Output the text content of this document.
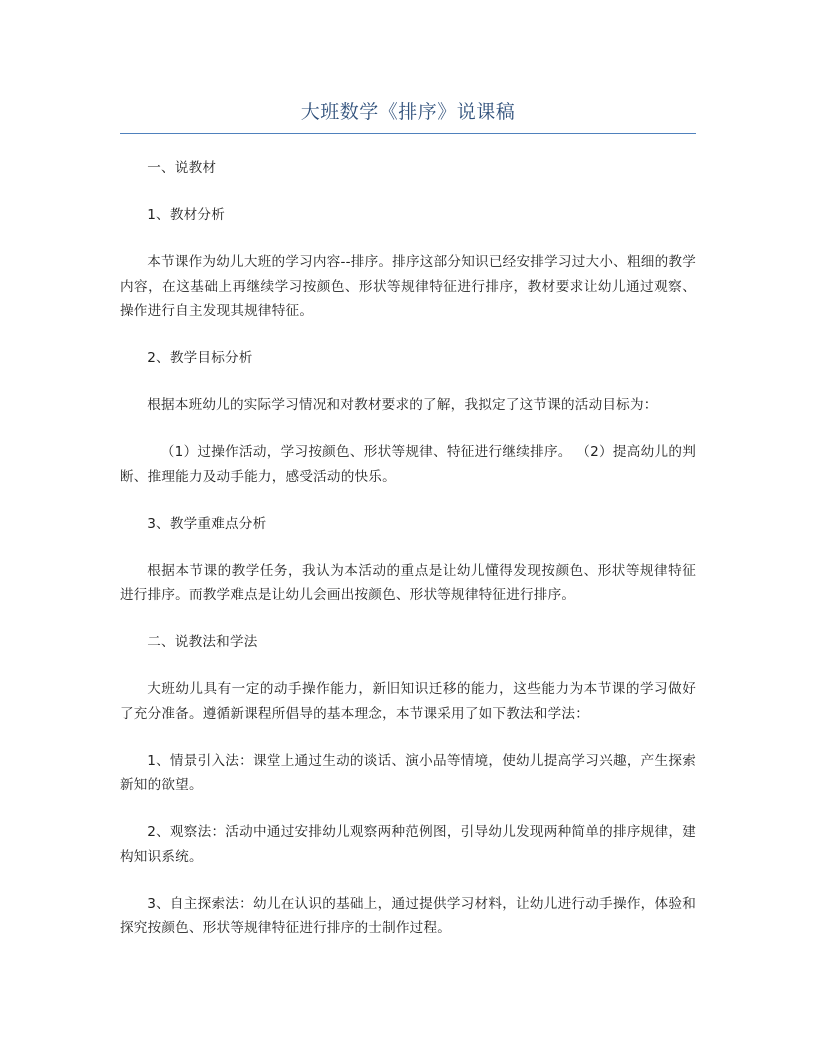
大班数学《排序》说课稿

一、说教材

1、教材分析

本节课作为幼儿大班的学习内容--排序。排序这部分知识已经安排学习过大小、粗细的教学内容，在这基础上再继续学习按颜色、形状等规律特征进行排序，教材要求让幼儿通过观察、操作进行自主发现其规律特征。

2、教学目标分析

根据本班幼儿的实际学习情况和对教材要求的了解，我拟定了这节课的活动目标为：

（1）过操作活动，学习按颜色、形状等规律、特征进行继续排序。 （2）提高幼儿的判断、推理能力及动手能力，感受活动的快乐。

3、教学重难点分析

根据本节课的教学任务，我认为本活动的重点是让幼儿懂得发现按颜色、形状等规律特征进行排序。而教学难点是让幼儿会画出按颜色、形状等规律特征进行排序。

二、说教法和学法

大班幼儿具有一定的动手操作能力，新旧知识迁移的能力，这些能力为本节课的学习做好了充分准备。遵循新课程所倡导的基本理念，本节课采用了如下教法和学法：

1、情景引入法：课堂上通过生动的谈话、演小品等情境，使幼儿提高学习兴趣，产生探索新知的欲望。

2、观察法：活动中通过安排幼儿观察两种范例图，引导幼儿发现两种简单的排序规律，建构知识系统。

3、自主探索法：幼儿在认识的基础上，通过提供学习材料，让幼儿进行动手操作，体验和探究按颜色、形状等规律特征进行排序的士制作过程。
